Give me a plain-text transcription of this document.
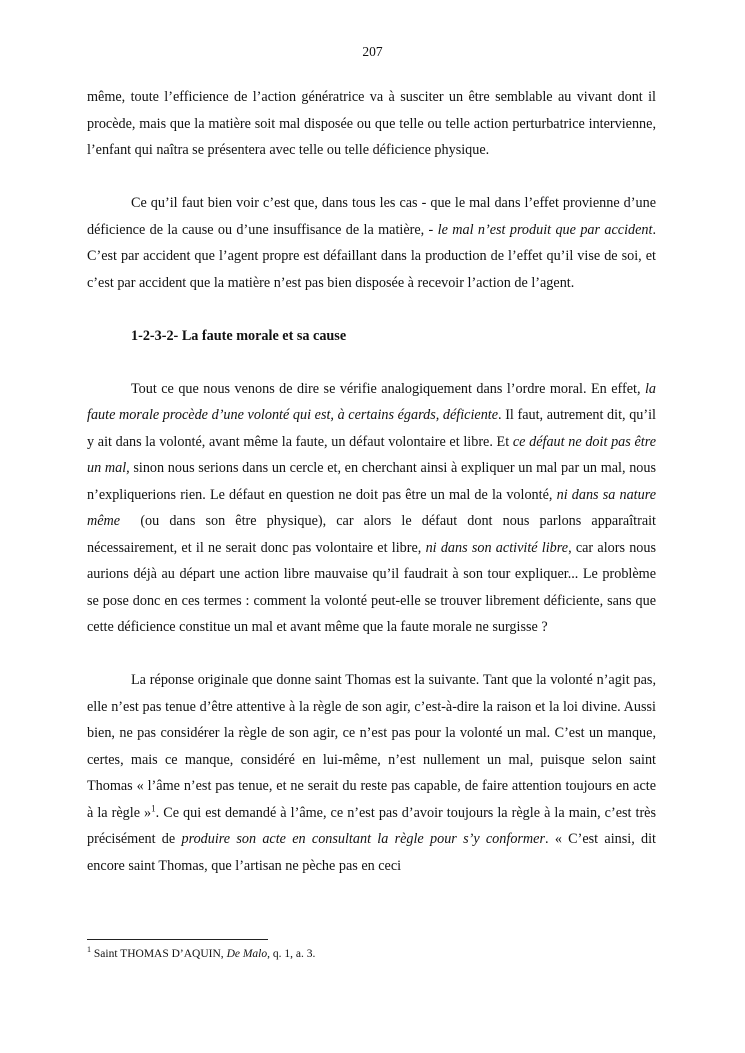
207

même, toute l’efficience de l’action génératrice va à susciter un être semblable au vivant dont il procède, mais que la matière soit mal disposée ou que telle ou telle action perturbatrice intervienne, l’enfant qui naîtra se présentera avec telle ou telle déficience physique.

Ce qu’il faut bien voir c’est que, dans tous les cas - que le mal dans l’effet provienne d’une déficience de la cause ou d’une insuffisance de la matière, - le mal n’est produit que par accident. C’est par accident que l’agent propre est défaillant dans la production de l’effet qu’il vise de soi, et c’est par accident que la matière n’est pas bien disposée à recevoir l’action de l’agent.

1-2-3-2- La faute morale et sa cause

Tout ce que nous venons de dire se vérifie analogiquement dans l’ordre moral. En effet, la faute morale procède d’une volonté qui est, à certains égards, déficiente. Il faut, autrement dit, qu’il y ait dans la volonté, avant même la faute, un défaut volontaire et libre. Et ce défaut ne doit pas être un mal, sinon nous serions dans un cercle et, en cherchant ainsi à expliquer un mal par un mal, nous n’expliquerions rien. Le défaut en question ne doit pas être un mal de la volonté, ni dans sa nature même  (ou dans son être physique), car alors le défaut dont nous parlons apparaîtrait nécessairement, et il ne serait donc pas volontaire et libre, ni dans son activité libre, car alors nous aurions déjà au départ une action libre mauvaise qu’il faudrait à son tour expliquer... Le problème se pose donc en ces termes : comment la volonté peut-elle se trouver librement déficiente, sans que cette déficience constitue un mal et avant même que la faute morale ne surgisse ?

La réponse originale que donne saint Thomas est la suivante. Tant que la volonté n’agit pas, elle n’est pas tenue d’être attentive à la règle de son agir, c’est-à-dire la raison et la loi divine. Aussi bien, ne pas considérer la règle de son agir, ce n’est pas pour la volonté un mal. C’est un manque, certes, mais ce manque, considéré en lui-même, n’est nullement un mal, puisque selon saint Thomas « l’âme n’est pas tenue, et ne serait du reste pas capable, de faire attention toujours en acte à la règle »$^1$. Ce qui est demandé à l’âme, ce n’est pas d’avoir toujours la règle à la main, c’est très précisément de produire son acte en consultant la règle pour s’y conformer. « C’est ainsi, dit encore saint Thomas, que l’artisan ne pèche pas en ceci

$^1$ Saint THOMAS D’AQUIN, De Malo, q. 1, a. 3.
